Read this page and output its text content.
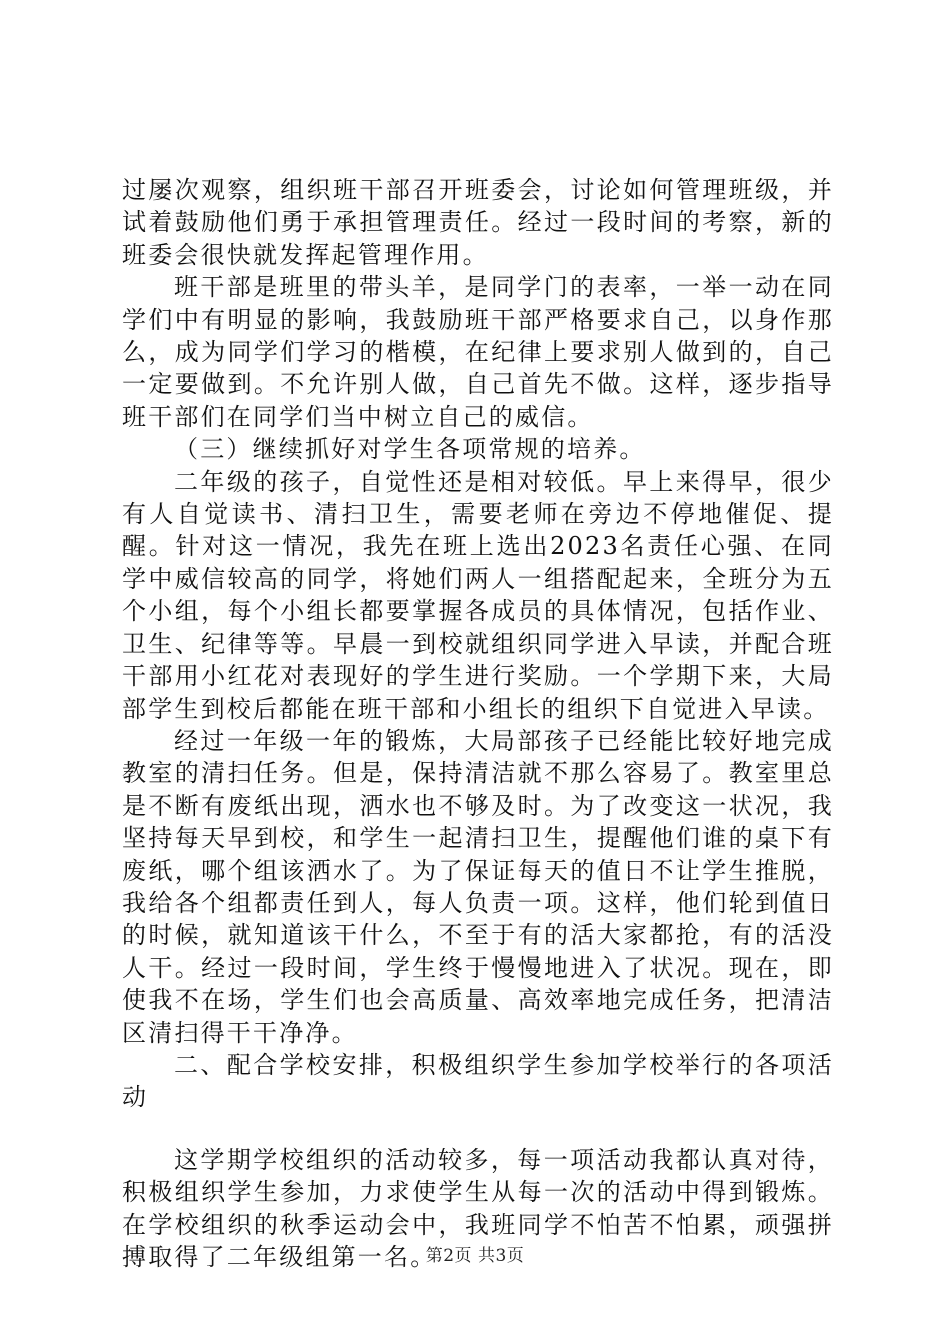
过屡次观察，组织班干部召开班委会，讨论如何管理班级，并试着鼓励他们勇于承担管理责任。经过一段时间的考察，新的班委会很快就发挥起管理作用。

班干部是班里的带头羊，是同学门的表率，一举一动在同学们中有明显的影响，我鼓励班干部严格要求自己，以身作那么，成为同学们学习的楷模，在纪律上要求别人做到的，自己一定要做到。不允许别人做，自己首先不做。这样，逐步指导班干部们在同学们当中树立自己的威信。

（三）继续抓好对学生各项常规的培养。

二年级的孩子，自觉性还是相对较低。早上来得早，很少有人自觉读书、清扫卫生，需要老师在旁边不停地催促、提醒。针对这一情况，我先在班上选出2023名责任心强、在同学中威信较高的同学，将她们两人一组搭配起来，全班分为五个小组，每个小组长都要掌握各成员的具体情况，包括作业、卫生、纪律等等。早晨一到校就组织同学进入早读，并配合班干部用小红花对表现好的学生进行奖励。一个学期下来，大局部学生到校后都能在班干部和小组长的组织下自觉进入早读。

经过一年级一年的锻炼，大局部孩子已经能比较好地完成教室的清扫任务。但是，保持清洁就不那么容易了。教室里总是不断有废纸出现，洒水也不够及时。为了改变这一状况，我坚持每天早到校，和学生一起清扫卫生，提醒他们谁的桌下有废纸，哪个组该洒水了。为了保证每天的值日不让学生推脱，我给各个组都责任到人，每人负责一项。这样，他们轮到值日的时候，就知道该干什么，不至于有的活大家都抢，有的活没人干。经过一段时间，学生终于慢慢地进入了状况。现在，即使我不在场，学生们也会高质量、高效率地完成任务，把清洁区清扫得干干净净。

二、配合学校安排，积极组织学生参加学校举行的各项活动

这学期学校组织的活动较多，每一项活动我都认真对待，积极组织学生参加，力求使学生从每一次的活动中得到锻炼。在学校组织的秋季运动会中，我班同学不怕苦不怕累，顽强拼搏取得了二年级组第一名。

第2页 共3页
